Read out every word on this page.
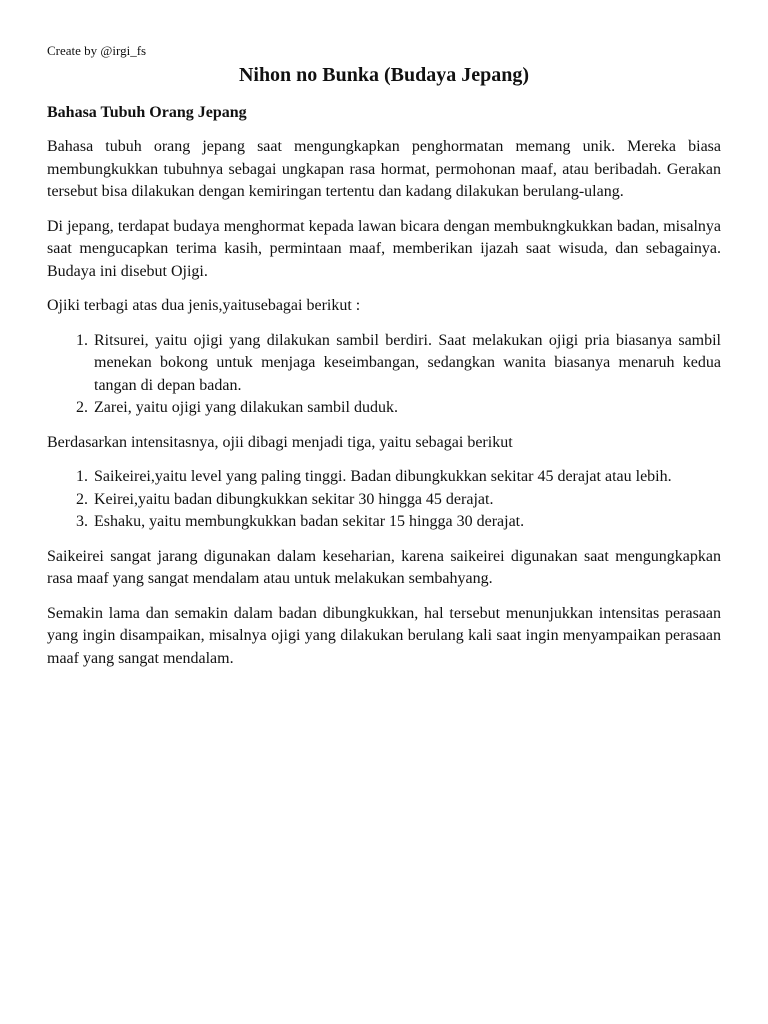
Create by @irgi_fs
Nihon no Bunka (Budaya Jepang)
Bahasa Tubuh Orang Jepang

Bahasa tubuh orang jepang saat mengungkapkan penghormatan memang unik. Mereka biasa membungkukkan tubuhnya sebagai ungkapan rasa hormat, permohonan maaf, atau beribadah. Gerakan tersebut bisa dilakukan dengan kemiringan tertentu dan kadang dilakukan berulang-ulang.

Di jepang, terdapat budaya menghormat kepada lawan bicara dengan membukngkukkan badan, misalnya saat mengucapkan terima kasih, permintaan maaf, memberikan ijazah saat wisuda, dan sebagainya. Budaya ini disebut Ojigi.

Ojiki terbagi atas dua jenis,yaitusebagai berikut :

1. Ritsurei, yaitu ojigi yang dilakukan sambil berdiri. Saat melakukan ojigi pria biasanya sambil menekan bokong untuk menjaga keseimbangan, sedangkan wanita biasanya menaruh kedua tangan di depan badan.
2. Zarei, yaitu ojigi yang dilakukan sambil duduk.

Berdasarkan intensitasnya, ojii dibagi menjadi tiga, yaitu sebagai berikut

1. Saikeirei,yaitu level yang paling tinggi. Badan dibungkukkan sekitar 45 derajat atau lebih.
2. Keirei,yaitu badan dibungkukkan sekitar 30 hingga 45 derajat.
3. Eshaku, yaitu membungkukkan badan sekitar 15 hingga 30 derajat.

Saikeirei sangat jarang digunakan dalam keseharian, karena saikeirei digunakan saat mengungkapkan rasa maaf yang sangat mendalam atau untuk melakukan sembahyang.

Semakin lama dan semakin dalam badan dibungkukkan, hal tersebut menunjukkan intensitas perasaan yang ingin disampaikan, misalnya ojigi yang dilakukan berulang kali saat ingin menyampaikan perasaan maaf yang sangat mendalam.
